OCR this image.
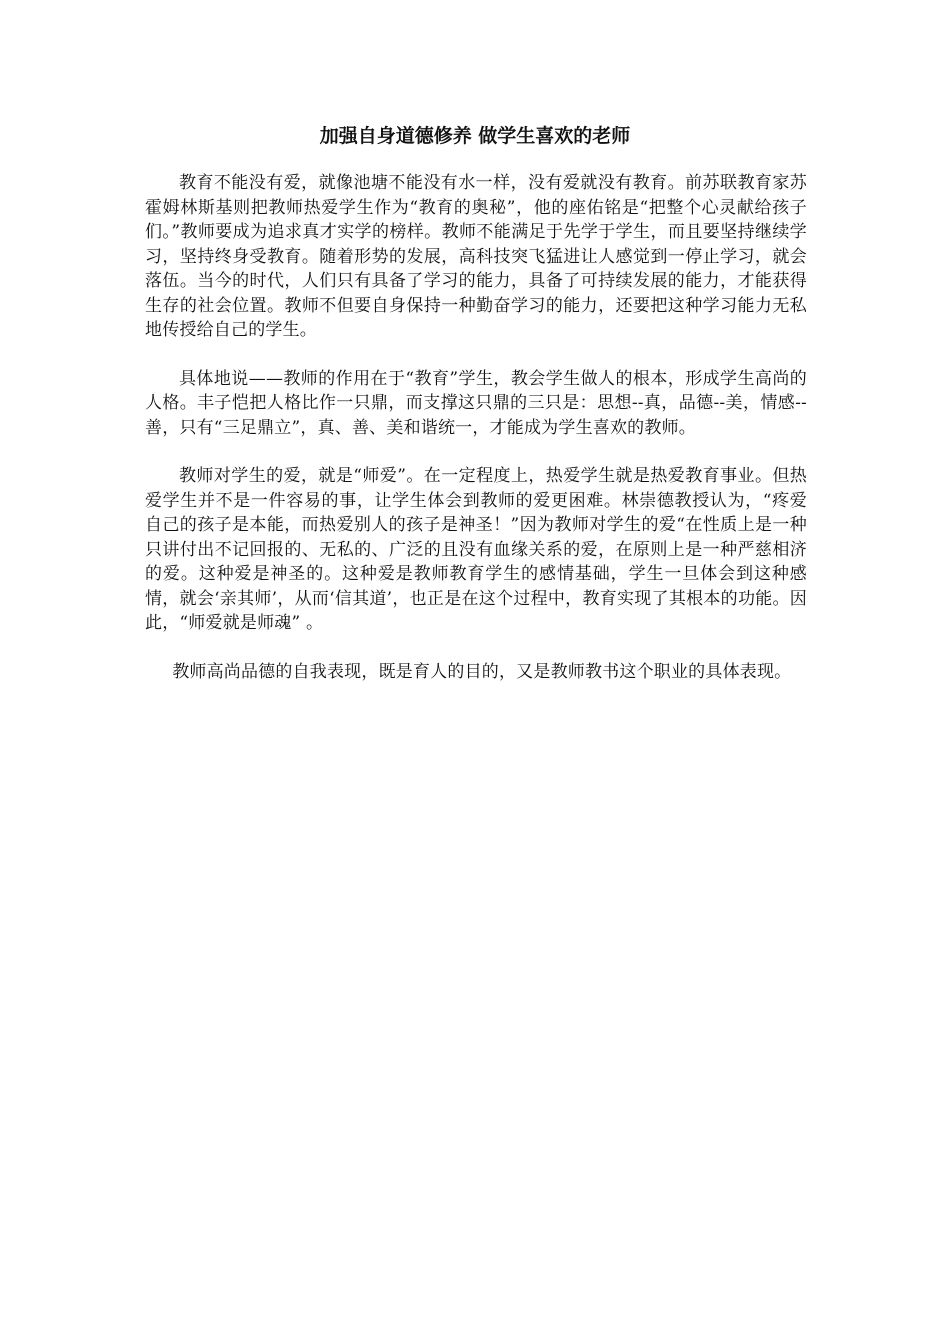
加强自身道德修养 做学生喜欢的老师

教育不能没有爱，就像池塘不能没有水一样，没有爱就没有教育。前苏联教育家苏霍姆林斯基则把教师热爱学生作为“教育的奥秘”，他的座佑铭是“把整个心灵献给孩子们。”教师要成为追求真才实学的榜样。教师不能满足于先学于学生，而且要坚持继续学习，坚持终身受教育。随着形势的发展，高科技突飞猛进让人感觉到一停止学习，就会落伍。当今的时代，人们只有具备了学习的能力，具备了可持续发展的能力，才能获得生存的社会位置。教师不但要自身保持一种勤奋学习的能力，还要把这种学习能力无私地传授给自己的学生。

具体地说——教师的作用在于“教育”学生，教会学生做人的根本，形成学生高尚的人格。丰子恺把人格比作一只鼎，而支撑这只鼎的三只是：思想--真，品德--美，情感--善，只有“三足鼎立”，真、善、美和谐统一，才能成为学生喜欢的教师。

教师对学生的爱，就是“师爱”。在一定程度上，热爱学生就是热爱教育事业。但热爱学生并不是一件容易的事，让学生体会到教师的爱更困难。林崇德教授认为，“疼爱自己的孩子是本能，而热爱别人的孩子是神圣！”因为教师对学生的爱“在性质上是一种只讲付出不记回报的、无私的、广泛的且没有血缘关系的爱，在原则上是一种严慈相济的爱。这种爱是神圣的。这种爱是教师教育学生的感情基础，学生一旦体会到这种感情，就会‘亲其师’，从而‘信其道’，也正是在这个过程中，教育实现了其根本的功能。因此，“师爱就是师魂” 。

教师高尚品德的自我表现，既是育人的目的，又是教师教书这个职业的具体表现。
